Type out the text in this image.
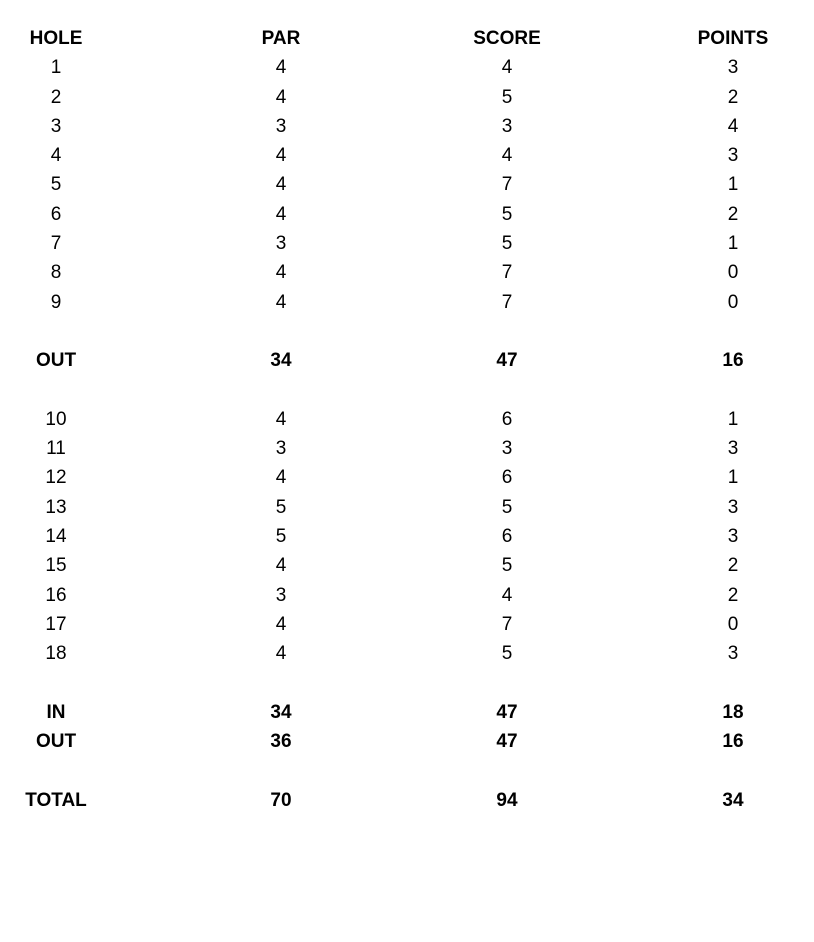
HOLE	PAR	SCORE	POINTS
1	4	4	3
2	4	5	2
3	3	3	4
4	4	4	3
5	4	7	1
6	4	5	2
7	3	5	1
8	4	7	0
9	4	7	0
OUT	34	47	16
10	4	6	1
11	3	3	3
12	4	6	1
13	5	5	3
14	5	6	3
15	4	5	2
16	3	4	2
17	4	7	0
18	4	5	3
IN	34	47	18
OUT	36	47	16
TOTAL	70	94	34
